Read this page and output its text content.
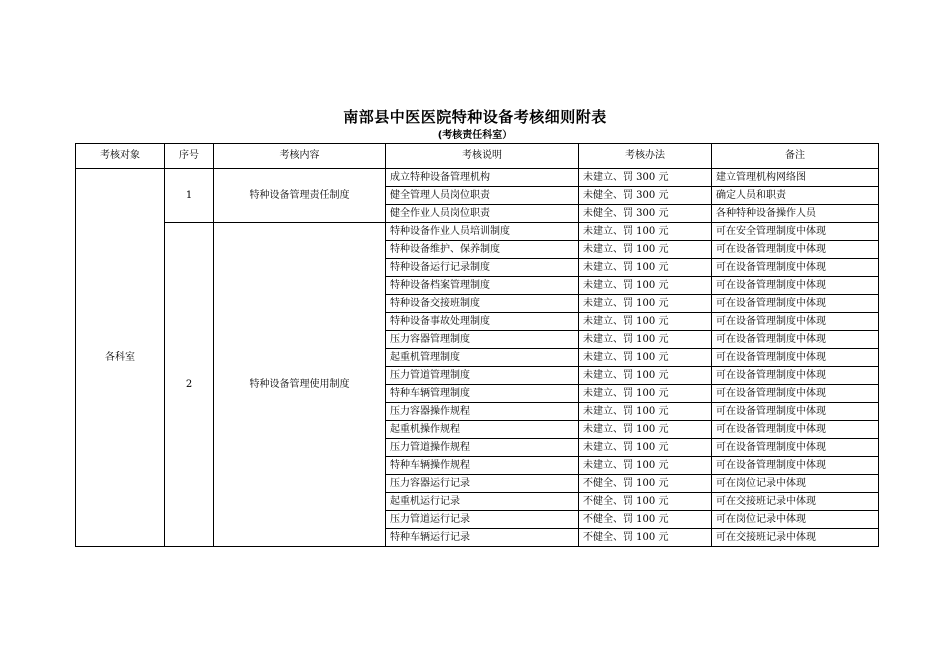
南部县中医医院特种设备考核细则附表
(考核责任科室）
考核对象	序号	考核内容	考核说明	考核办法	备注
各科室	1	特种设备管理责任制度	成立特种设备管理机构	未建立、罚 300 元	建立管理机构网络图
			健全管理人员岗位职责	未健全、罚 300 元	确定人员和职责
			健全作业人员岗位职责	未健全、罚 300 元	各种特种设备操作人员
	2	特种设备管理使用制度	特种设备作业人员培训制度	未建立、罚 100 元	可在安全管理制度中体现
			特种设备维护、保养制度	未建立、罚 100 元	可在设备管理制度中体现
			特种设备运行记录制度	未建立、罚 100 元	可在设备管理制度中体现
			特种设备档案管理制度	未建立、罚 100 元	可在设备管理制度中体现
			特种设备交接班制度	未建立、罚 100 元	可在设备管理制度中体现
			特种设备事故处理制度	未建立、罚 100 元	可在设备管理制度中体现
			压力容器管理制度	未建立、罚 100 元	可在设备管理制度中体现
			起重机管理制度	未建立、罚 100 元	可在设备管理制度中体现
			压力管道管理制度	未建立、罚 100 元	可在设备管理制度中体现
			特种车辆管理制度	未建立、罚 100 元	可在设备管理制度中体现
			压力容器操作规程	未建立、罚 100 元	可在设备管理制度中体现
			起重机操作规程	未建立、罚 100 元	可在设备管理制度中体现
			压力管道操作规程	未建立、罚 100 元	可在设备管理制度中体现
			特种车辆操作规程	未建立、罚 100 元	可在设备管理制度中体现
			压力容器运行记录	不健全、罚 100 元	可在岗位记录中体现
			起重机运行记录	不健全、罚 100 元	可在交接班记录中体现
			压力管道运行记录	不健全、罚 100 元	可在岗位记录中体现
			特种车辆运行记录	不健全、罚 100 元	可在交接班记录中体现
